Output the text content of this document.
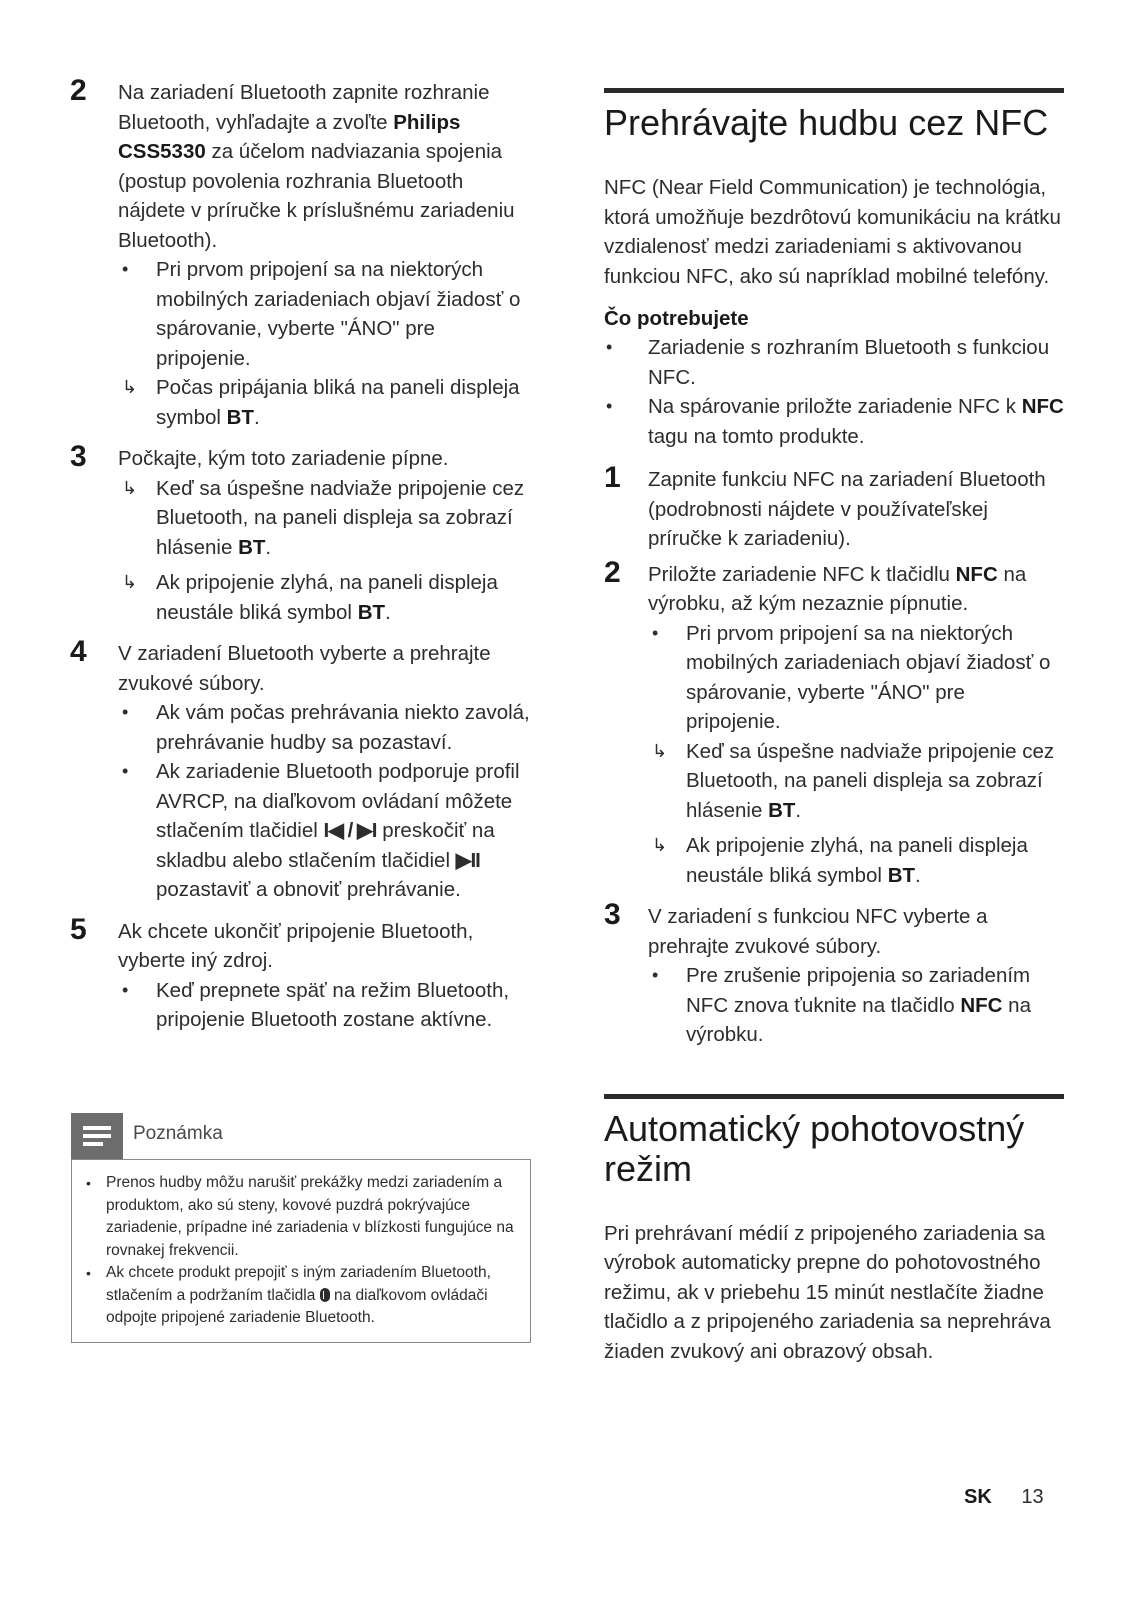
2 Na zariadení Bluetooth zapnite rozhranie Bluetooth, vyhľadajte a zvoľte Philips CSS5330 za účelom nadviazania spojenia (postup povolenia rozhrania Bluetooth nájdete v príručke k príslušnému zariadeniu Bluetooth).

• Pri prvom pripojení sa na niektorých mobilných zariadeniach objaví žiadosť o spárovanie, vyberte "ÁNO" pre pripojenie.
↳ Počas pripájania bliká na paneli displeja symbol BT.
3 Počkajte, kým toto zariadenie pípne.

↳ Keď sa úspešne nadviaže pripojenie cez Bluetooth, na paneli displeja sa zobrazí hlásenie BT.
↳ Ak pripojenie zlyhá, na paneli displeja neustále bliká symbol BT.
4 V zariadení Bluetooth vyberte a prehrajte zvukové súbory.

• Ak vám počas prehrávania niekto zavolá, prehrávanie hudby sa pozastaví.
• Ak zariadenie Bluetooth podporuje profil AVRCP, na diaľkovom ovládaní môžete stlačením tlačidiel I◀ / ▶I preskočiť na skladbu alebo stlačením tlačidiel ▶II pozastaviť a obnoviť prehrávanie.
5 Ak chcete ukončiť pripojenie Bluetooth, vyberte iný zdroj.

• Keď prepnete späť na režim Bluetooth, pripojenie Bluetooth zostane aktívne.
Poznámka
• Prenos hudby môžu narušiť prekážky medzi zariadením a produktom, ako sú steny, kovové puzdrá pokrývajúce zariadenie, prípadne iné zariadenia v blízkosti fungujúce na rovnakej frekvencii.
• Ak chcete produkt prepojiť s iným zariadením Bluetooth, stlačením a podržaním tlačidla  na diaľkovom ovládači odpojte pripojené zariadenie Bluetooth.
Prehrávajte hudbu cez NFC

NFC (Near Field Communication) je technológia, ktorá umožňuje bezdrôtovú komunikáciu na krátku vzdialenosť medzi zariadeniami s aktivovanou funkciou NFC, ako sú napríklad mobilné telefóny.

Čo potrebujete

• Zariadenie s rozhraním Bluetooth s funkciou NFC.
• Na spárovanie priložte zariadenie NFC k NFC tagu na tomto produkte.
1 Zapnite funkciu NFC na zariadení Bluetooth (podrobnosti nájdete v používateľskej príručke k zariadeniu).

2 Priložte zariadenie NFC k tlačidlu NFC na výrobku, až kým nezaznie pípnutie.

• Pri prvom pripojení sa na niektorých mobilných zariadeniach objaví žiadosť o spárovanie, vyberte "ÁNO" pre pripojenie.
↳ Keď sa úspešne nadviaže pripojenie cez Bluetooth, na paneli displeja sa zobrazí hlásenie BT.
↳ Ak pripojenie zlyhá, na paneli displeja neustále bliká symbol BT.
3 V zariadení s funkciou NFC vyberte a prehrajte zvukové súbory.

• Pre zrušenie pripojenia so zariadením NFC znova ťuknite na tlačidlo NFC na výrobku.
Automatický pohotovostný režim

Pri prehrávaní médií z pripojeného zariadenia sa výrobok automaticky prepne do pohotovostného režimu, ak v priebehu 15 minút nestlačíte žiadne tlačidlo a z pripojeného zariadenia sa neprehráva žiaden zvukový ani obrazový obsah.

SK 13
